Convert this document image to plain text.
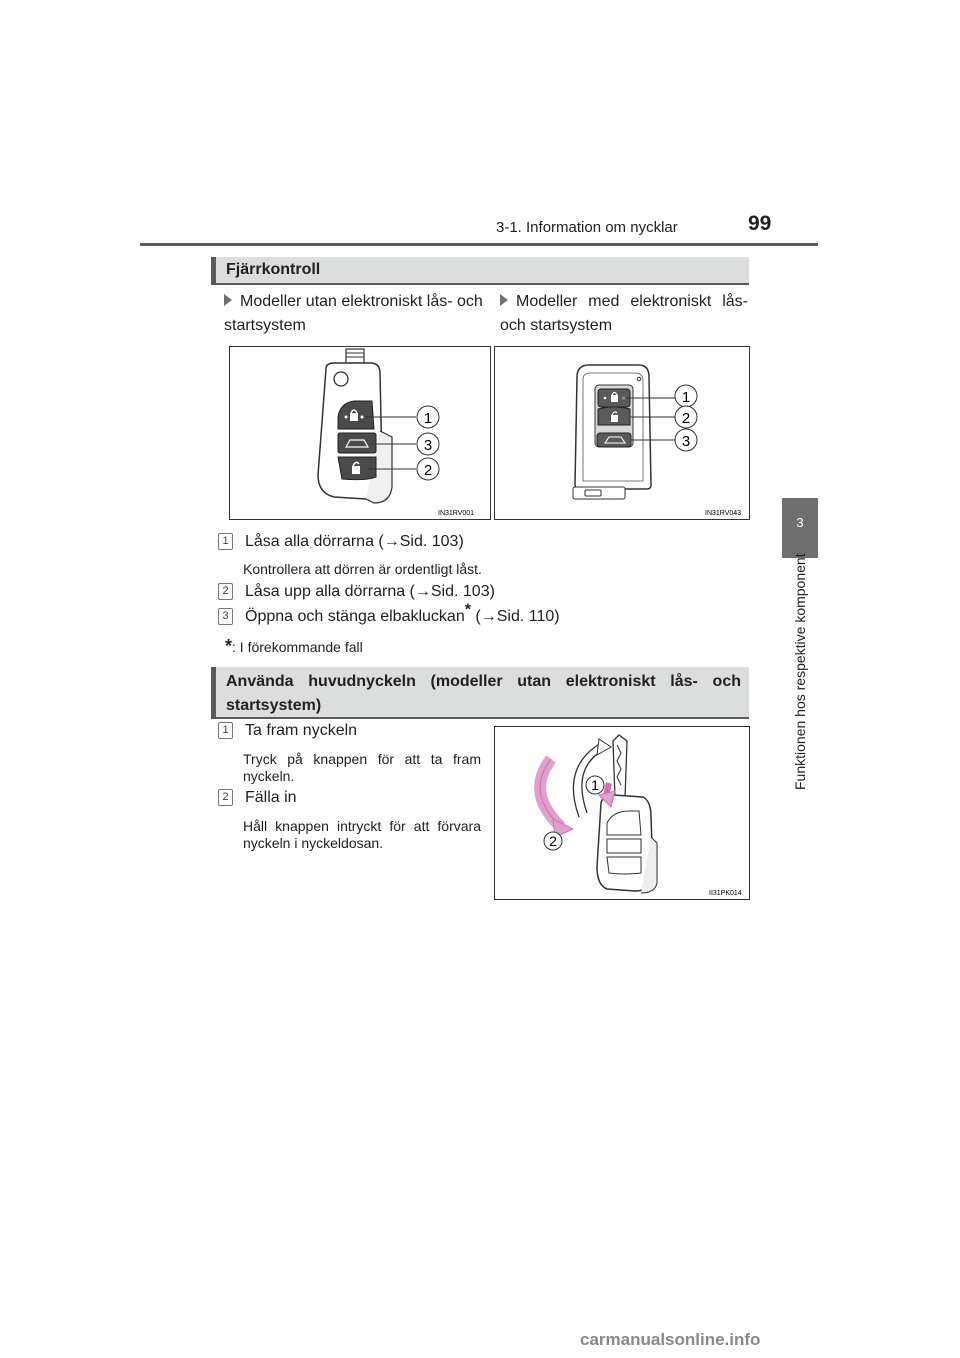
3-1. Information om nycklar	99
3
Funktionen hos respektive komponent
Fjärrkontroll
Modeller utan elektroniskt lås- och startsystem
Modeller med elektroniskt lås- och startsystem
1
3
2
IN31RV001
1
2
3
IN31RV043
1 Låsa alla dörrarna (→Sid. 103)
Kontrollera att dörren är ordentligt låst.
2 Låsa upp alla dörrarna (→Sid. 103)
3 Öppna och stänga elbakluckan* (→Sid. 110)
*: I förekommande fall
Använda huvudnyckeln (modeller utan elektroniskt lås- och startsystem)
1 Ta fram nyckeln
Tryck på knappen för att ta fram nyckeln.
2 Fälla in
Håll knappen intryckt för att förvara nyckeln i nyckeldosan.
1
2
II31PK014
carmanualsonline.info
